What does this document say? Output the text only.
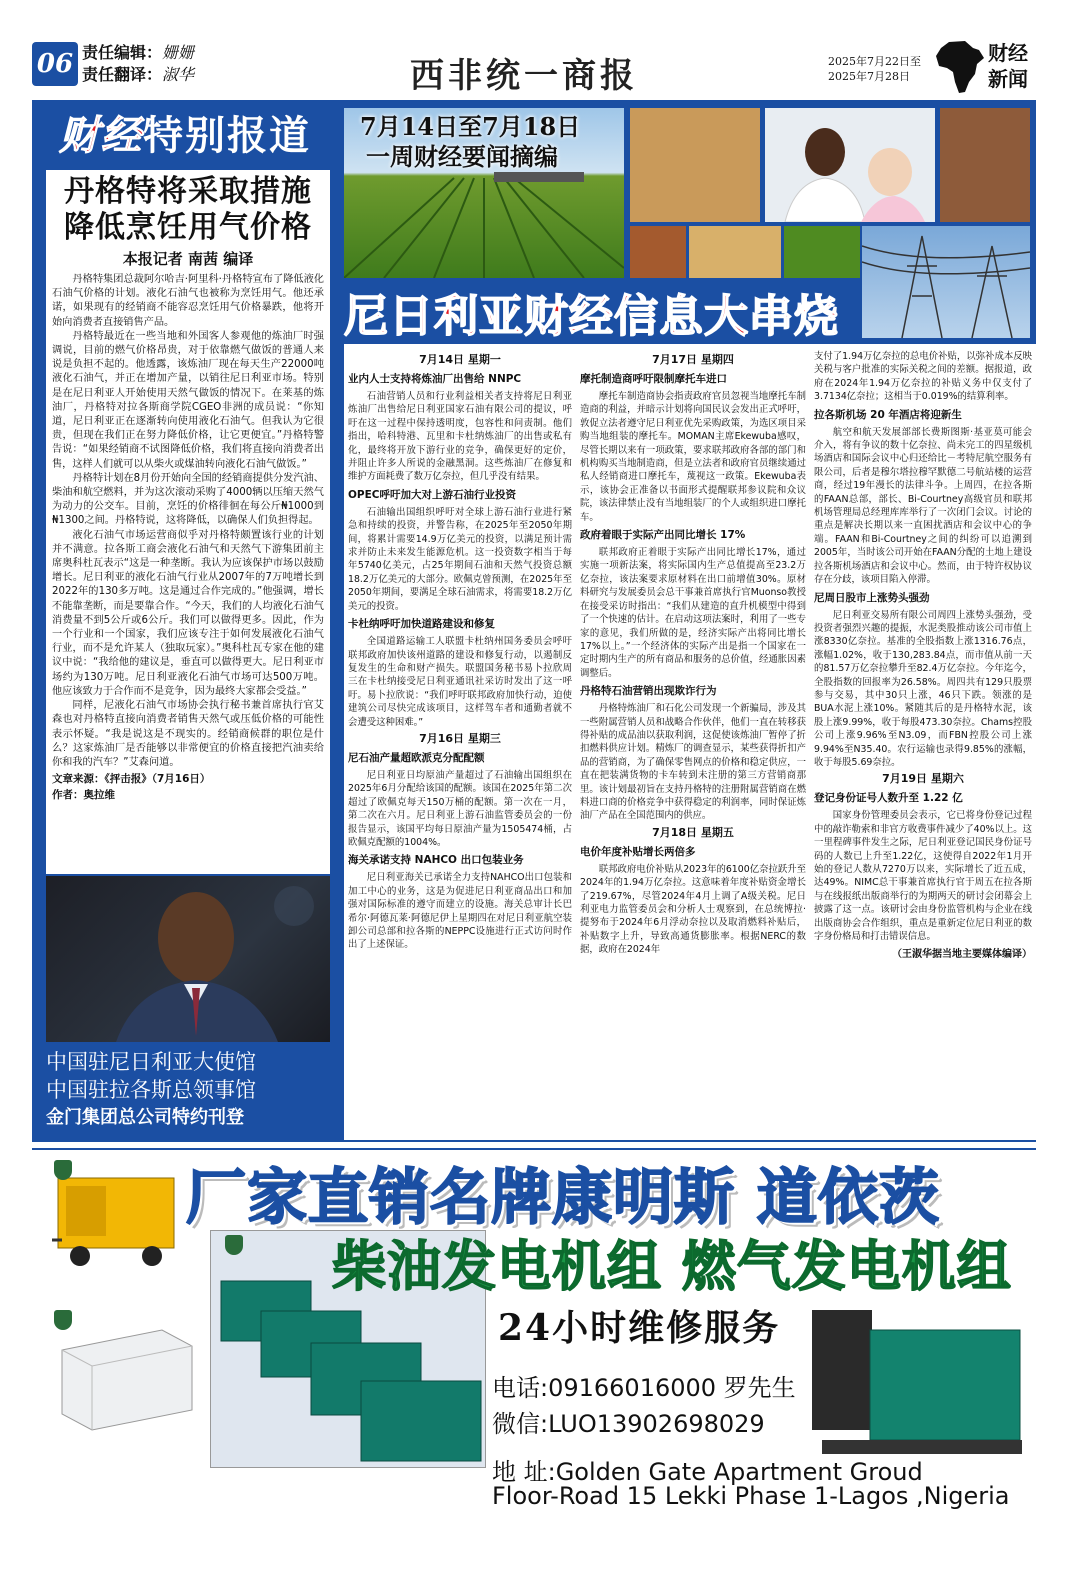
06 责任编辑：姗姗
责任翻译：淑华	西非统一商报	2025年7月22日至
2025年7月28日
财经
新闻
财经 特别报道
丹格特将采取措施
降低烹饪用气价格
本报记者 南茜 编译

丹格特集团总裁阿尔哈吉·阿里科·丹格特宣布了降低液化石油气价格的计划。液化石油气也被称为烹饪用气。他还承诺，如果现有的经销商不能容忍烹饪用气价格暴跌，他将开始向消费者直接销售产品。

丹格特最近在一些当地和外国客人参观他的炼油厂时强调说，目前的燃气价格昂贵，对于依靠燃气做饭的普通人来说是负担不起的。他透露，该炼油厂现在每天生产22000吨液化石油气，并正在增加产量，以销往尼日利亚市场。特别是在尼日利亚人开始使用天然气做饭的情况下。在莱基的炼油厂，丹格特对拉各斯商学院CGEO非洲的成员说：“你知道，尼日利亚正在逐渐转向使用液化石油气。但我认为它很贵，但现在我们正在努力降低价格，让它更便宜。”丹格特警告说：“如果经销商不试图降低价格，我们将直接向消费者出售，这样人们就可以从柴火或煤油转向液化石油气做饭。”

丹格特计划在8月份开始向全国的经销商提供分发汽油、柴油和航空燃料，并为这次滚动采购了4000辆以压缩天然气为动力的公交车。目前，烹饪的价格徘徊在每公斤₦1000到₦1300之间。丹格特说，这将降低，以确保人们负担得起。

液化石油气市场运营商似乎对丹格特颇置该行业的计划并不满意。拉各斯工商会液化石油气和天然气下游集团前主席奥科杜瓦表示“这是一种垄断。我认为应该保护市场以鼓励增长。尼日利亚的液化石油气行业从2007年的7万吨增长到2022年的130多万吨。这是通过合作完成的。”他强调，增长不能靠垄断，而是要靠合作。“今天，我们的人均液化石油气消费量不到5公斤或6公斤。我们可以做得更多。因此，作为一个行业和一个国家，我们应该专注于如何发展液化石油气行业，而不是允许某人（独取玩家）。”奥科杜瓦专家在他的建议中说：“我给他的建议是，垂直可以做得更大。尼日利亚市场约为130万吨。尼日利亚液化石油气市场可达500万吨。他应该致力于合作而不是竞争，因为最终大家都会受益。”

同样，尼液化石油气市场协会执行秘书兼首席执行官艾森也对丹格特直接向消费者销售天然气或压低价格的可能性表示怀疑。“我是说这是不现实的。经销商候群的职位是什么？这家炼油厂是否能够以非常便宜的价格直接把汽油卖给你和我的汽车？”艾森问道。

文章来源：《抨击报》（7月16日）
作者：奥拉维
中国驻尼日利亚大使馆
中国驻拉各斯总领事馆
金门集团总公司特约刊登
7月14日至7月18日
一周财经要闻摘编
尼日利亚财经信息大串烧
7月14日 星期一
业内人士支持将炼油厂出售给 NNPC

石油营销人员和行业利益相关者支持将尼日利亚炼油厂出售给尼日利亚国家石油有限公司的提议，呼吁在这一过程中保持透明度，包容性和问责制。他们指出，哈科特港、瓦里和卡杜纳炼油厂的出售或私有化，最终将开放下游行业的竞争，确保更好的定价，并阻止许多人所说的金融黑洞。这些炼油厂在修复和维护方面耗费了数万亿奈拉，但几乎没有结果。

OPEC呼吁加大对上游石油行业投资

石油输出国组织呼吁对全球上游石油行业进行紧急和持续的投资，并警告称，在2025年至2050年期间，将累计需要14.9万亿美元的投资，以满足预计需求并防止未来发生能源危机。这一投资数字相当于每年5740亿美元，占25年期间石油和天然气投资总额18.2万亿美元的大部分。欧佩克曾预测，在2025年至2050年期间，要满足全球石油需求，将需要18.2万亿美元的投资。

卡杜纳呼吁加快道路建设和修复

全国道路运输工人联盟卡杜纳州国务委员会呼吁联邦政府加快该州道路的建设和修复行动，以遏制反复发生的生命和财产损失。联盟国务秘书易卜拉欣周三在卡杜纳接受尼日利亚通讯社采访时发出了这一呼吁。易卜拉欣说：“我们呼吁联邦政府加快行动，迫使建筑公司尽快完成该项目，这样驾车者和通勤者就不会遭受这种困难。”

7月16日 星期三
尼石油产量超欧派克分配配额

尼日利亚日均原油产量超过了石油输出国组织在2025年6月分配给该国的配额。该国在2025年第二次超过了欧佩克每天150万桶的配额。第一次在一月，第二次在六月。尼日利亚上游石油监管委员会的一份报告显示，该国平均每日原油产量为1505474桶，占欧佩克配额的1004%。

海关承诺支持 NAHCO 出口包装业务

尼日利亚海关已承诺全力支持NAHCO出口包装和加工中心的业务，这是为促进尼日利亚商品出口和加强对国际标准的遵守而建立的设施。海关总审计长巴希尔·阿德瓦莱·阿德尼伊上星期四在对尼日利亚航空装卸公司总部和拉各斯的NEPPC设施进行正式访问时作出了上述保证。

7月17日 星期四
摩托制造商呼吁限制摩托车进口

摩托车制造商协会指责政府官员忽视当地摩托车制造商的利益，并暗示计划将向国民议会发出正式呼吁，敦促立法者遵守尼日利亚优先采购政策，为选区项目采购当地组装的摩托车。MOMAN主席Ekewuba感叹，尽管长期以来有一项政策，要求联邦政府各部的部门和机构购买当地制造商，但是立法者和政府官员继续通过私人经销商进口摩托车，蔑视这一政策。Ekewuba表示，该协会正准备以书面形式提醒联邦参议院和众议院，该法律禁止没有当地组装厂的个人或组织进口摩托车。

政府着眼于实际产出同比增长 17%

联邦政府正着眼于实际产出同比增长17%，通过实施一项新法案，将实际国内生产总值提高至23.2万亿奈拉，该法案要求原材料在出口前增值30%。原材料研究与发展委员会总干事兼首席执行官Muonso教授在接受采访时指出：“我们从建造的直升机模型中得到了一个快速的估计。在启动这项法案时，利用了一些专家的意见，我们所做的是，经济实际产出将同比增长17%以上。”一个经济体的实际产出是指一个国家在一定时期内生产的所有商品和服务的总价值，经通胀因素调整后。

丹格特石油营销出现欺诈行为

丹格特炼油厂和石化公司发现一个新骗局，涉及其一些附属营销人员和战略合作伙伴，他们一直在转移获得补贴的成品油以获取利润，这促使该炼油厂暂停了折扣燃料供应计划。精炼厂的调查显示，某些获得折扣产品的营销商，为了确保零售网点的价格和稳定供应，一直在把装满货物的卡车转到未注册的第三方营销商那里。该计划最初旨在支持丹格特的注册附属营销商在燃料进口商的价格竞争中获得稳定的利润率，同时保证炼油厂产品在全国范围内的供应。

7月18日 星期五
电价年度补贴增长两倍多

联邦政府电价补贴从2023年的6100亿奈拉跃升至2024年的1.94万亿奈拉。这意味着年度补贴资金增长了219.67%，尽管2024年4月上调了A级关税。尼日利亚电力监管委员会和分析人士观察到，在总统博拉·提努布于2024年6月浮动奈拉以及取消燃料补贴后，补贴数字上升，导致高通货膨胀率。根据NERC的数据，政府在2024年

支付了1.94万亿奈拉的总电价补贴，以弥补成本反映关税与客户批准的实际关税之间的差额。据报道，政府在2024年1.94万亿奈拉的补贴义务中仅支付了3.7134亿奈拉；这相当于0.019%的结算利率。

拉各斯机场 20 年酒店将迎新生

航空和航天发展部部长费斯图斯·基亚莫可能会介入，将有争议的数十亿奈拉、尚未完工的四星级机场酒店和国际会议中心归还给比－考特尼航空服务有限公司，后者是穆尔塔拉穆罕默德二号航站楼的运营商，经过19年漫长的法律斗争。上周四，在拉各斯的FAAN总部，部长、Bi-Courtney高级官员和联邦机场管理局总经理库库举行了一次闭门会议。讨论的重点是解决长期以来一直困扰酒店和会议中心的争端。FAAN和Bi-Courtney之间的纠纷可以追溯到2005年，当时该公司开始在FAAN分配的土地上建设拉各斯机场酒店和会议中心。然而，由于特许权协议存在分歧，该项目陷入停滞。

尼周日股市上涨势头强劲

尼日利亚交易所有限公司周四上涨势头强劲，受投资者强烈兴趣的提振，水泥类股推动该公司市值上涨8330亿奈拉。基准的全股指数上涨1316.76点，涨幅1.02%，收于130,283.84点，而市值从前一天的81.57万亿奈拉攀升至82.4万亿奈拉。今年迄今，全股指数的回报率为26.58%。周四共有129只股票参与交易，其中30只上涨，46只下跌。领涨的是BUA水泥上涨10%。紧随其后的是丹格特水泥，该股上涨9.99%，收于每股473.30奈拉。Chams控股公司上涨9.96%至N3.09，而FBN控股公司上涨9.94%至N35.40。农行运输也录得9.85%的涨幅，收于每股5.69奈拉。

7月19日 星期六
登记身份证号人数升至 1.22 亿

国家身份管理委员会表示，它已将身份登记过程中的敲诈勒索和非官方收费事件减少了40%以上。这一里程碑事件发生之际，尼日利亚登记国民身份证号码的人数已上升至1.22亿，这使得自2022年1月开始的登记人数从7270万以来，实际增长了近五成，达49%。NIMC总干事兼首席执行官于周五在拉各斯与在线报纸出版商举行的为期两天的研讨会闭幕会上披露了这一点。该研讨会由身份监管机构与企业在线出版商协会合作组织，重点是重新定位尼日利亚的数字身份格局和打击错误信息。

（王淑华据当地主要媒体编译）

厂家直销名牌康明斯 道依茨
柴油发电机组 燃气发电机组
24小时维修服务
电话:09166016000 罗先生
微信:LUO13902698029
地 址:Golden Gate Apartment Groud
Floor-Road 15 Lekki Phase 1-Lagos ,Nigeria
